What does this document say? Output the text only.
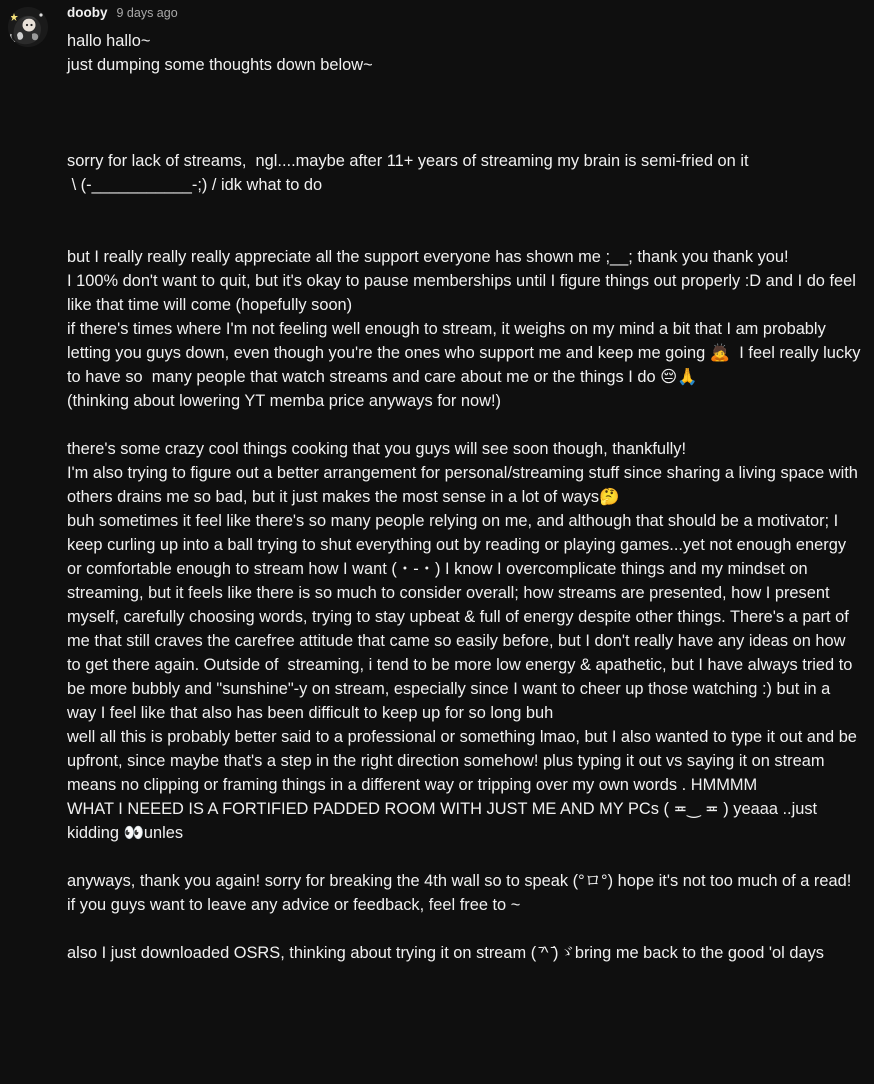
dooby 9 days ago
hallo hallo~
just dumping some thoughts down below~
sorry for lack of streams,  ngl....maybe after 11+ years of streaming my brain is semi-fried on it
\ (-___________-;) / idk what to do
but I really really really appreciate all the support everyone has shown me ;__; thank you thank you!
I 100% don't want to quit, but it's okay to pause memberships until I figure things out properly :D and I do feel like that time will come (hopefully soon)
if there's times where I'm not feeling well enough to stream, it weighs on my mind a bit that I am probably letting you guys down, even though you're the ones who support me and keep me going 🙇  I feel really lucky to have so  many people that watch streams and care about me or the things I do 😔🙏
(thinking about lowering YT memba price anyways for now!)
there's some crazy cool things cooking that you guys will see soon though, thankfully!
I'm also trying to figure out a better arrangement for personal/streaming stuff since sharing a living space with others drains me so bad, but it just makes the most sense in a lot of ways🤔
buh sometimes it feel like there's so many people relying on me, and although that should be a motivator; I keep curling up into a ball trying to shut everything out by reading or playing games...yet not enough energy or comfortable enough to stream how I want (・-・) I know I overcomplicate things and my mindset on streaming, but it feels like there is so much to consider overall; how streams are presented, how I present myself, carefully choosing words, trying to stay upbeat & full of energy despite other things. There's a part of me that still craves the carefree attitude that came so easily before, but I don't really have any ideas on how to get there again. Outside of  streaming, i tend to be more low energy & apathetic, but I have always tried to be more bubbly and "sunshine"-y on stream, especially since I want to cheer up those watching :) but in a way I feel like that also has been difficult to keep up for so long buh
well all this is probably better said to a professional or something lmao, but I also wanted to type it out and be upfront, since maybe that's a step in the right direction somehow! plus typing it out vs saying it on stream means no clipping or framing things in a different way or tripping over my own words . HMMMM
WHAT I NEEED IS A FORTIFIED PADDED ROOM WITH JUST ME AND MY PCs ( ≖‿ ≖ ) yeaaa ..just kidding 👀unles
anyways, thank you again! sorry for breaking the 4th wall so to speak (°ロ°) hope it's not too much of a read!
if you guys want to leave any advice or feedback, feel free to ~
also I just downloaded OSRS, thinking about trying it on stream ( ̄^ ̄)ゞbring me back to the good 'ol days
